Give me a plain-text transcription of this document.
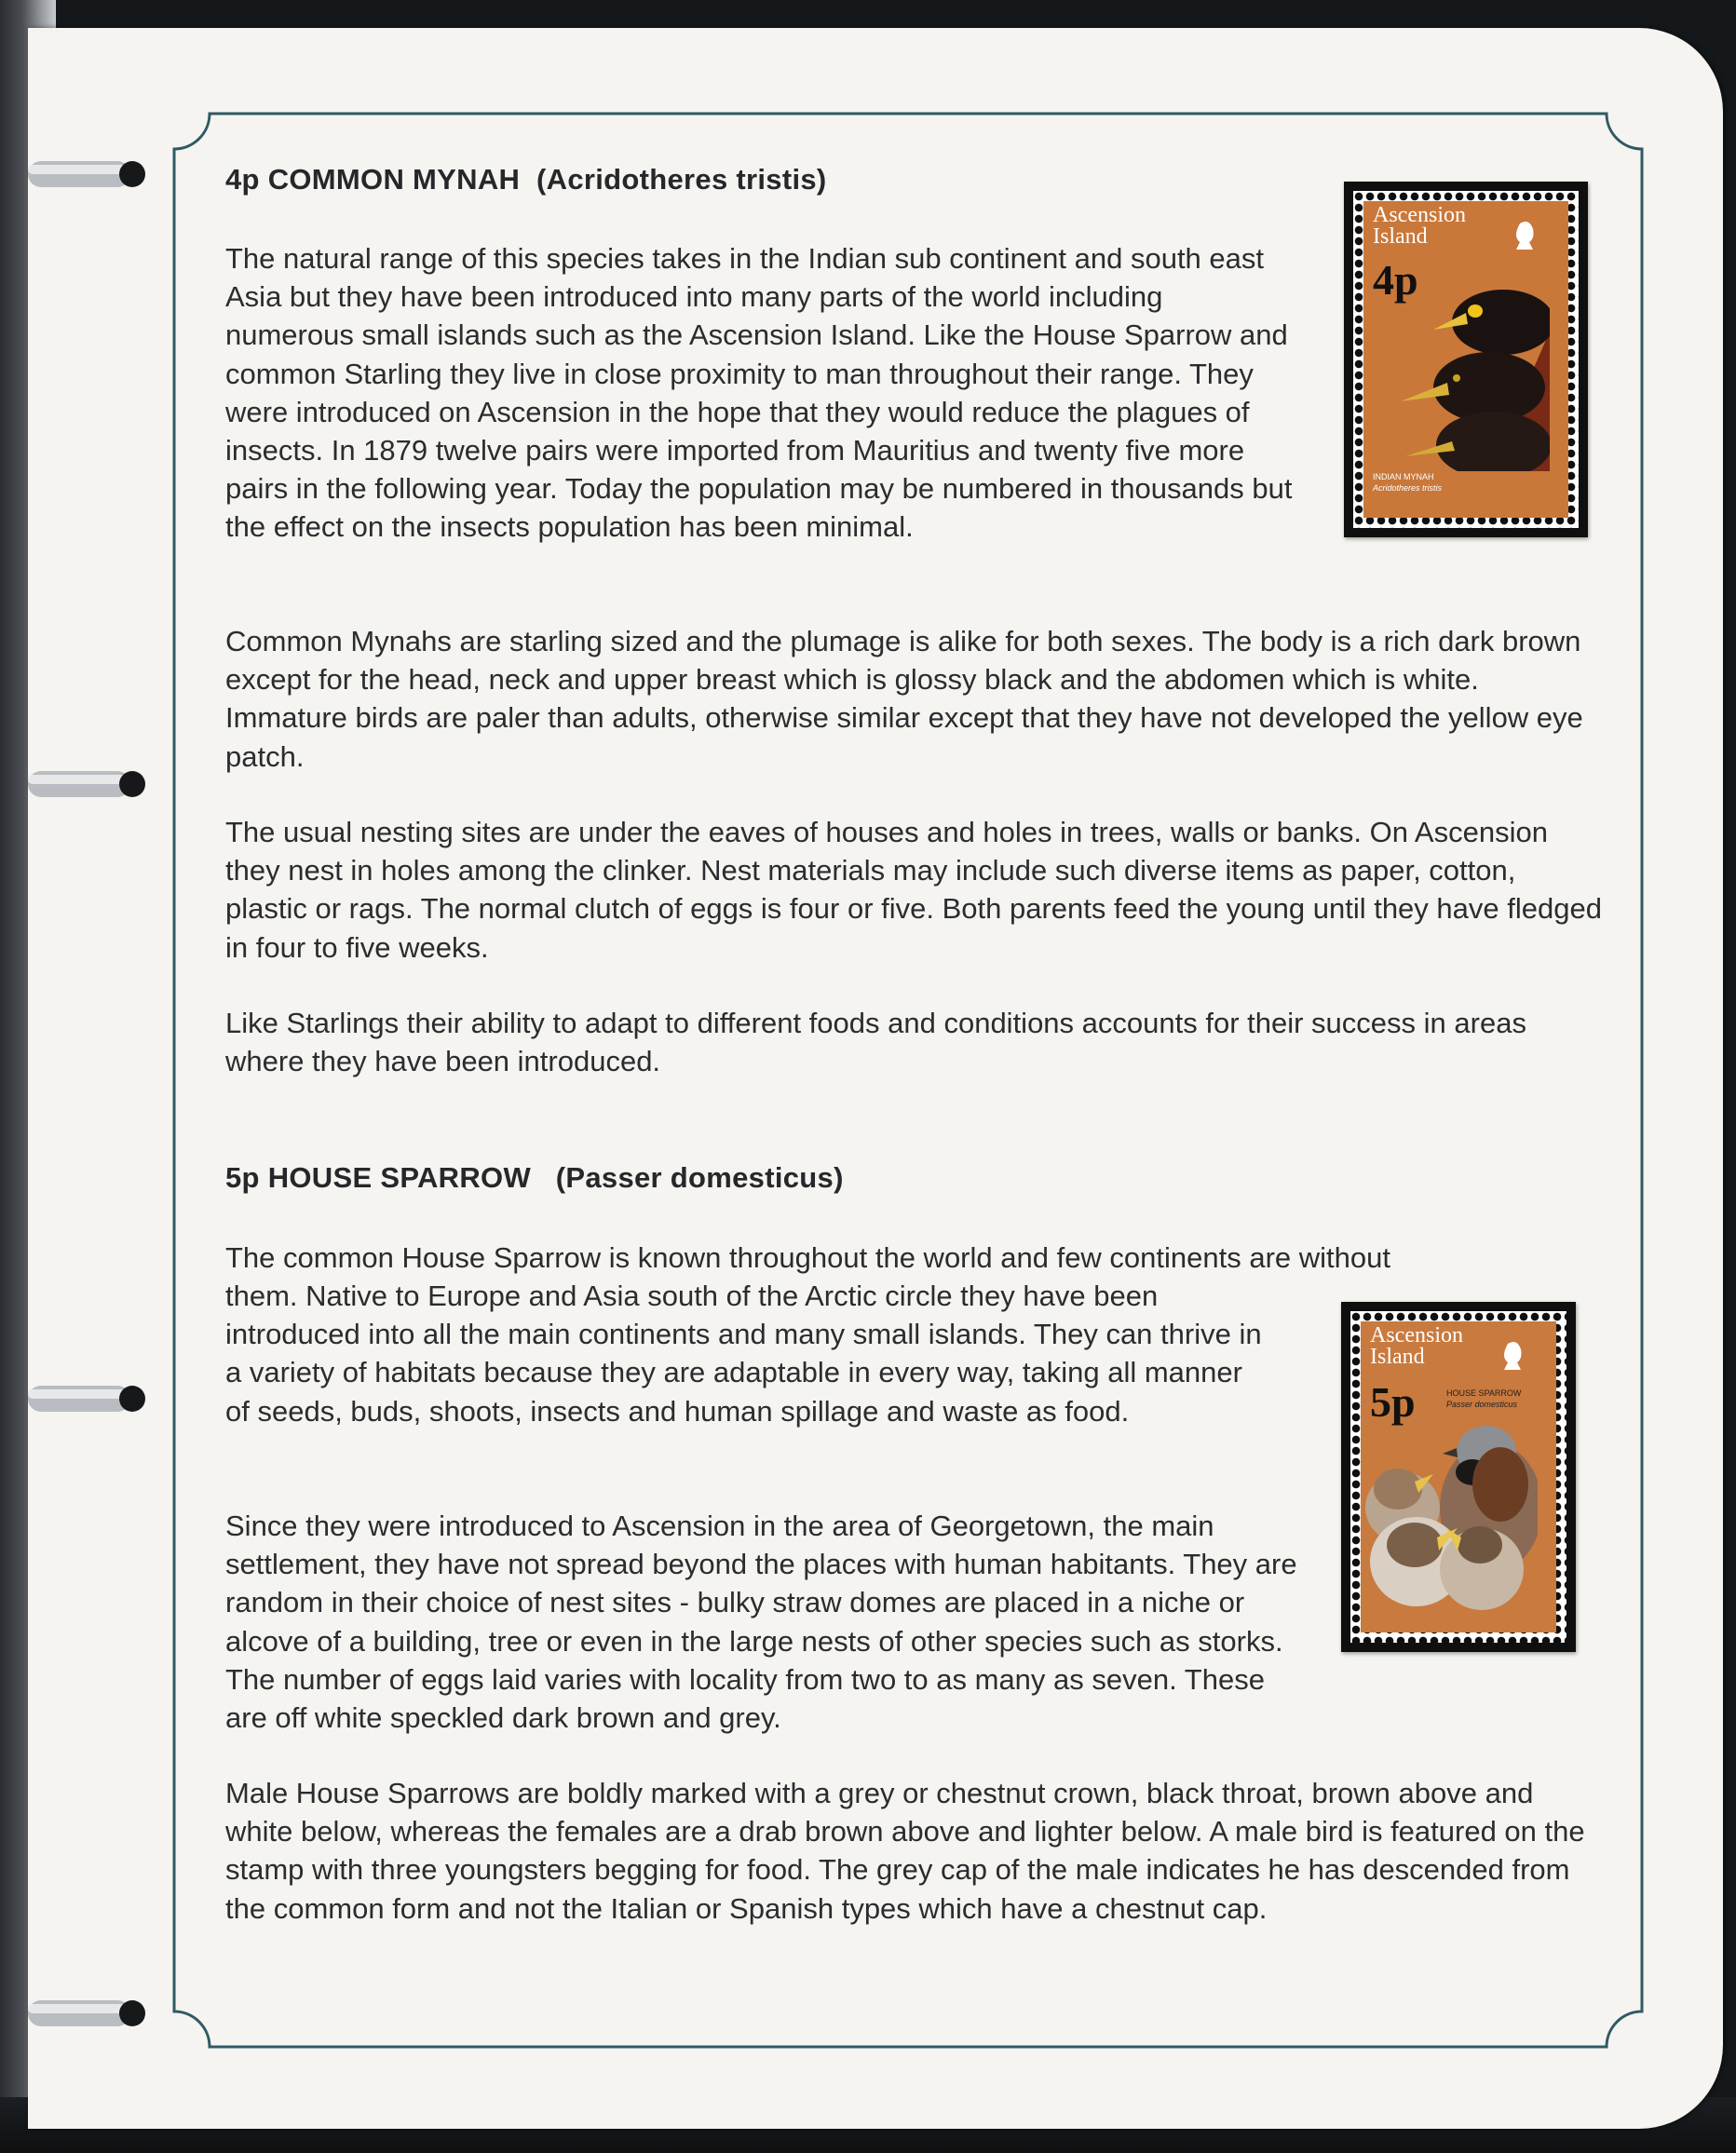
4p COMMON MYNAH  (Acridotheres tristis)

The natural range of this species takes in the Indian sub continent and south east Asia but they have been introduced into many parts of the world including numerous small islands such as the Ascension Island. Like the House Sparrow and common Starling they live in close proximity to man throughout their range. They were introduced on Ascension in the hope that they would reduce the plagues of insects. In 1879 twelve pairs were imported from Mauritius and twenty five more pairs in the following year. Today the population may be numbered in thousands but the effect on the insects population has been minimal.

Common Mynahs are starling sized and the plumage is alike for both sexes. The body is a rich dark brown except for the head, neck and upper breast which is glossy black and the abdomen which is white. Immature birds are paler than adults, otherwise similar except that they have not developed the yellow eye patch.

The usual nesting sites are under the eaves of houses and holes in trees, walls or banks. On Ascension they nest in holes among the clinker. Nest materials may include such diverse items as paper, cotton, plastic or rags. The normal clutch of eggs is four or five. Both parents feed the young until they have fledged in four to five weeks.

Like Starlings their ability to adapt to different foods and conditions accounts for their success in areas where they have been introduced.

5p HOUSE SPARROW   (Passer domesticus)
The common House Sparrow is known throughout the world and few continents are without

them. Native to Europe and Asia south of the Arctic circle they have been introduced into all the main continents and many small islands. They can thrive in a variety of habitats because they are adaptable in every way, taking all manner of seeds, buds, shoots, insects and human spillage and waste as food.

Since they were introduced to Ascension in the area of Georgetown, the main settlement, they have not spread beyond the places with human habitants. They are random in their choice of nest sites - bulky straw domes are placed in a niche or alcove of a building, tree or even in the large nests of other species such as storks. The number of eggs laid varies with locality from two to as many as seven. These are off white speckled dark brown and grey.

Male House Sparrows are boldly marked with a grey or chestnut crown, black throat, brown above and white below, whereas the females are a drab brown above and lighter below. A male bird is featured on the stamp with three youngsters begging for food. The grey cap of the male indicates he has descended from the common form and not the Italian or Spanish types which have a chestnut cap.

Ascension
Island
4p
INDIAN MYNAH
Acridotheres tristis
Ascension
Island
5p	HOUSE SPARROW
Passer domesticus
